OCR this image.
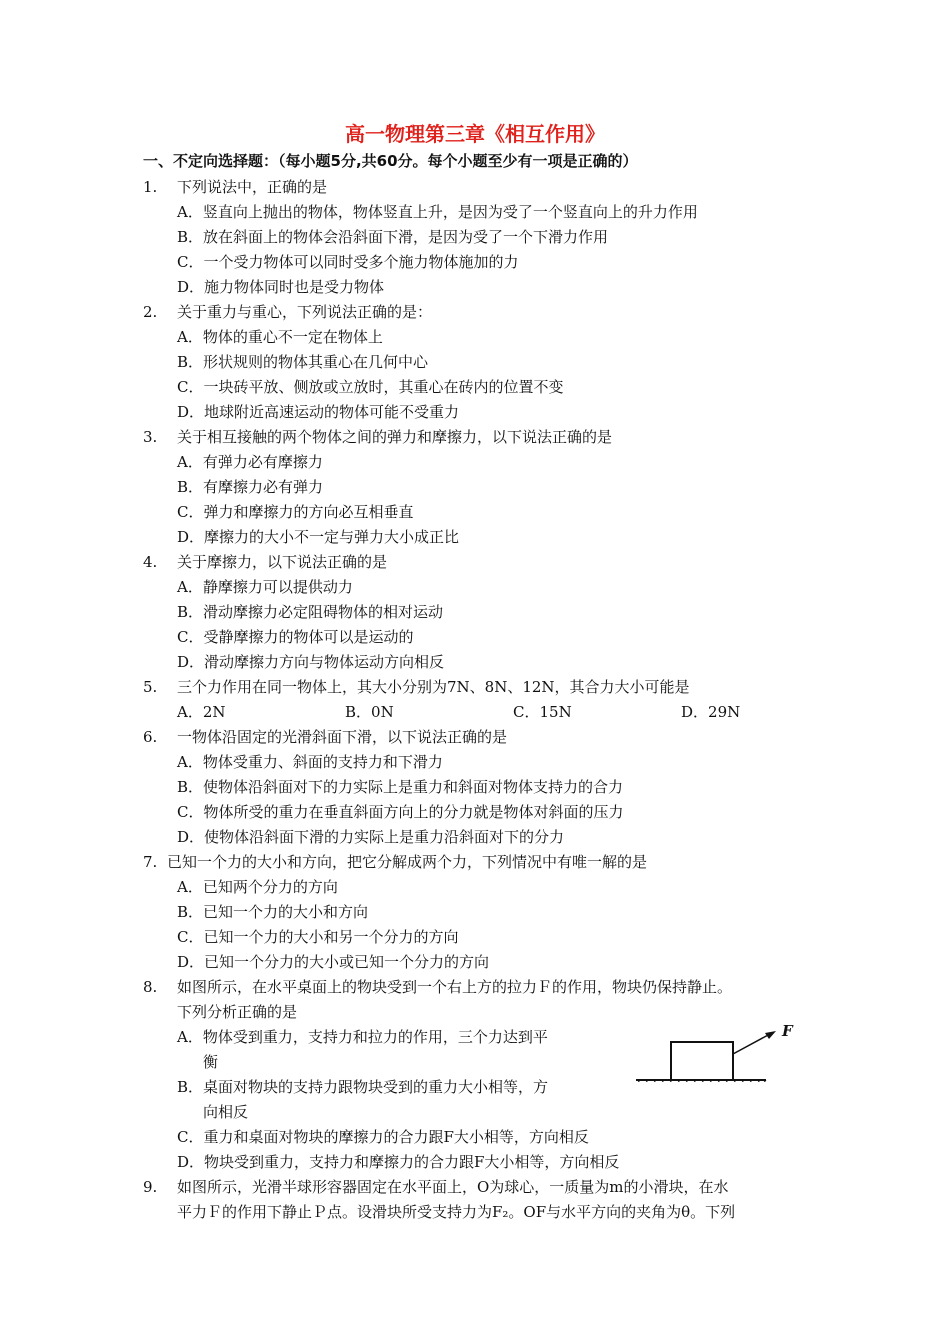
高一物理第三章《相互作用》
一、不定向选择题：（每小题5分,共60分。每个小题至少有一项是正确的）
1. 下列说法中，正确的是
A．竖直向上抛出的物体，物体竖直上升，是因为受了一个竖直向上的升力作用
B．放在斜面上的物体会沿斜面下滑，是因为受了一个下滑力作用
C．一个受力物体可以同时受多个施力物体施加的力
D．施力物体同时也是受力物体
2. 关于重力与重心，下列说法正确的是：
A．物体的重心不一定在物体上
B．形状规则的物体其重心在几何中心
C．一块砖平放、侧放或立放时，其重心在砖内的位置不变
D．地球附近高速运动的物体可能不受重力
3. 关于相互接触的两个物体之间的弹力和摩擦力，以下说法正确的是
A．有弹力必有摩擦力
B．有摩擦力必有弹力
C．弹力和摩擦力的方向必互相垂直
D．摩擦力的大小不一定与弹力大小成正比
4. 关于摩擦力，以下说法正确的是
A．静摩擦力可以提供动力
B．滑动摩擦力必定阻碍物体的相对运动
C．受静摩擦力的物体可以是运动的
D．滑动摩擦力方向与物体运动方向相反
5. 三个力作用在同一物体上，其大小分别为7N、8N、12N，其合力大小可能是
A．2N	B．0N	C．15N	D．29N
6. 一物体沿固定的光滑斜面下滑，以下说法正确的是
A．物体受重力、斜面的支持力和下滑力
B．使物体沿斜面对下的力实际上是重力和斜面对物体支持力的合力
C．物体所受的重力在垂直斜面方向上的分力就是物体对斜面的压力
D．使物体沿斜面下滑的力实际上是重力沿斜面对下的分力
7. 已知一个力的大小和方向，把它分解成两个力，下列情况中有唯一解的是
A．已知两个分力的方向
B．已知一个力的大小和方向
C．已知一个力的大小和另一个分力的方向
D．已知一个分力的大小或已知一个分力的方向
8. 如图所示，在水平桌面上的物块受到一个右上方的拉力Ｆ的作用，物块仍保持静止。
下列分析正确的是
A．物体受到重力，支持力和拉力的作用，三个力达到平
衡
B．桌面对物块的支持力跟物块受到的重力大小相等，方
向相反
C．重力和桌面对物块的摩擦力的合力跟F大小相等，方向相反
D．物块受到重力，支持力和摩擦力的合力跟F大小相等，方向相反
9. 如图所示，光滑半球形容器固定在水平面上，O为球心，一质量为m的小滑块，在水
平力Ｆ的作用下静止Ｐ点。设滑块所受支持力为F₂。OF与水平方向的夹角为θ。下列
F
